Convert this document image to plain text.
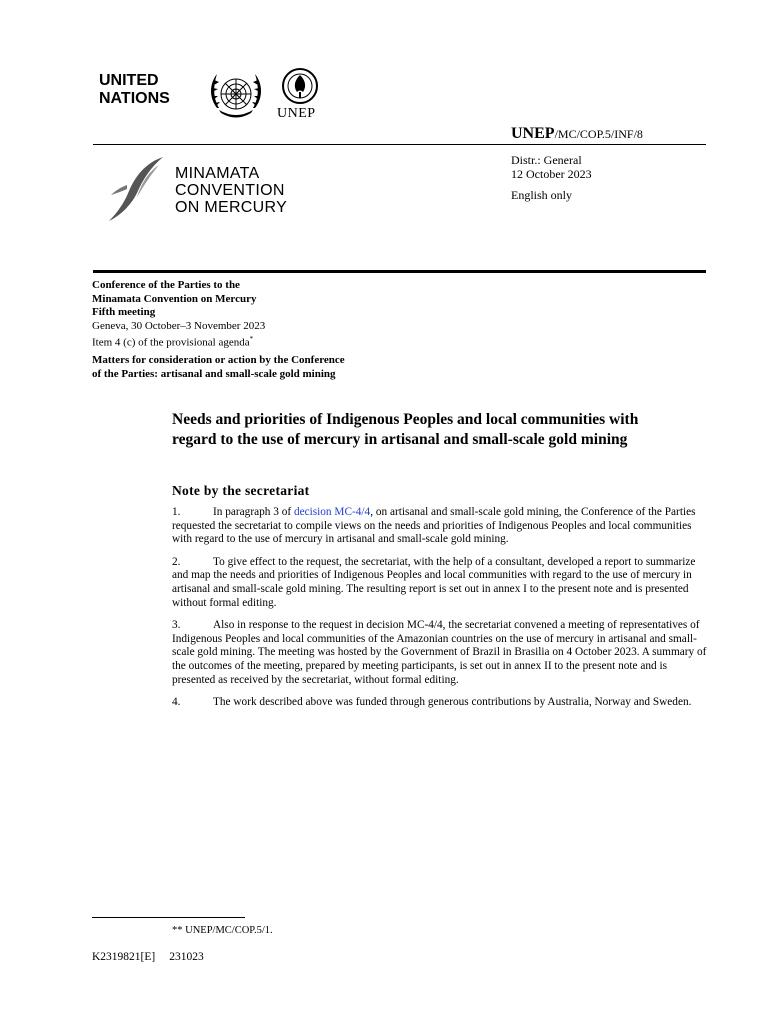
UNITED
NATIONS
UNEP
UNEP/MC/COP.5/INF/8
MINAMATA
CONVENTION
ON MERCURY
Distr.: General
12 October 2023
English only
Conference of the Parties to the
Minamata Convention on Mercury
Fifth meeting
Geneva, 30 October–3 November 2023
Item 4 (c) of the provisional agenda*
Matters for consideration or action by the Conference
of the Parties: artisanal and small-scale gold mining
Needs and priorities of Indigenous Peoples and local communities with regard to the use of mercury in artisanal and small-scale gold mining
Note by the secretariat

1.	In paragraph 3 of decision MC-4/4, on artisanal and small-scale gold mining, the Conference of the Parties requested the secretariat to compile views on the needs and priorities of Indigenous Peoples and local communities with regard to the use of mercury in artisanal and small-scale gold mining.

2.	To give effect to the request, the secretariat, with the help of a consultant, developed a report to summarize and map the needs and priorities of Indigenous Peoples and local communities with regard to the use of mercury in artisanal and small-scale gold mining. The resulting report is set out in annex I to the present note and is presented without formal editing.

3.	Also in response to the request in decision MC-4/4, the secretariat convened a meeting of representatives of Indigenous Peoples and local communities of the Amazonian countries on the use of mercury in artisanal and small-scale gold mining. The meeting was hosted by the Government of Brazil in Brasilia on 4 October 2023. A summary of the outcomes of the meeting, prepared by meeting participants, is set out in annex II to the present note and is presented as received by the secretariat, without formal editing.

4.	The work described above was funded through generous contributions by Australia, Norway and Sweden.

** UNEP/MC/COP.5/1.
K2319821[E] 231023
